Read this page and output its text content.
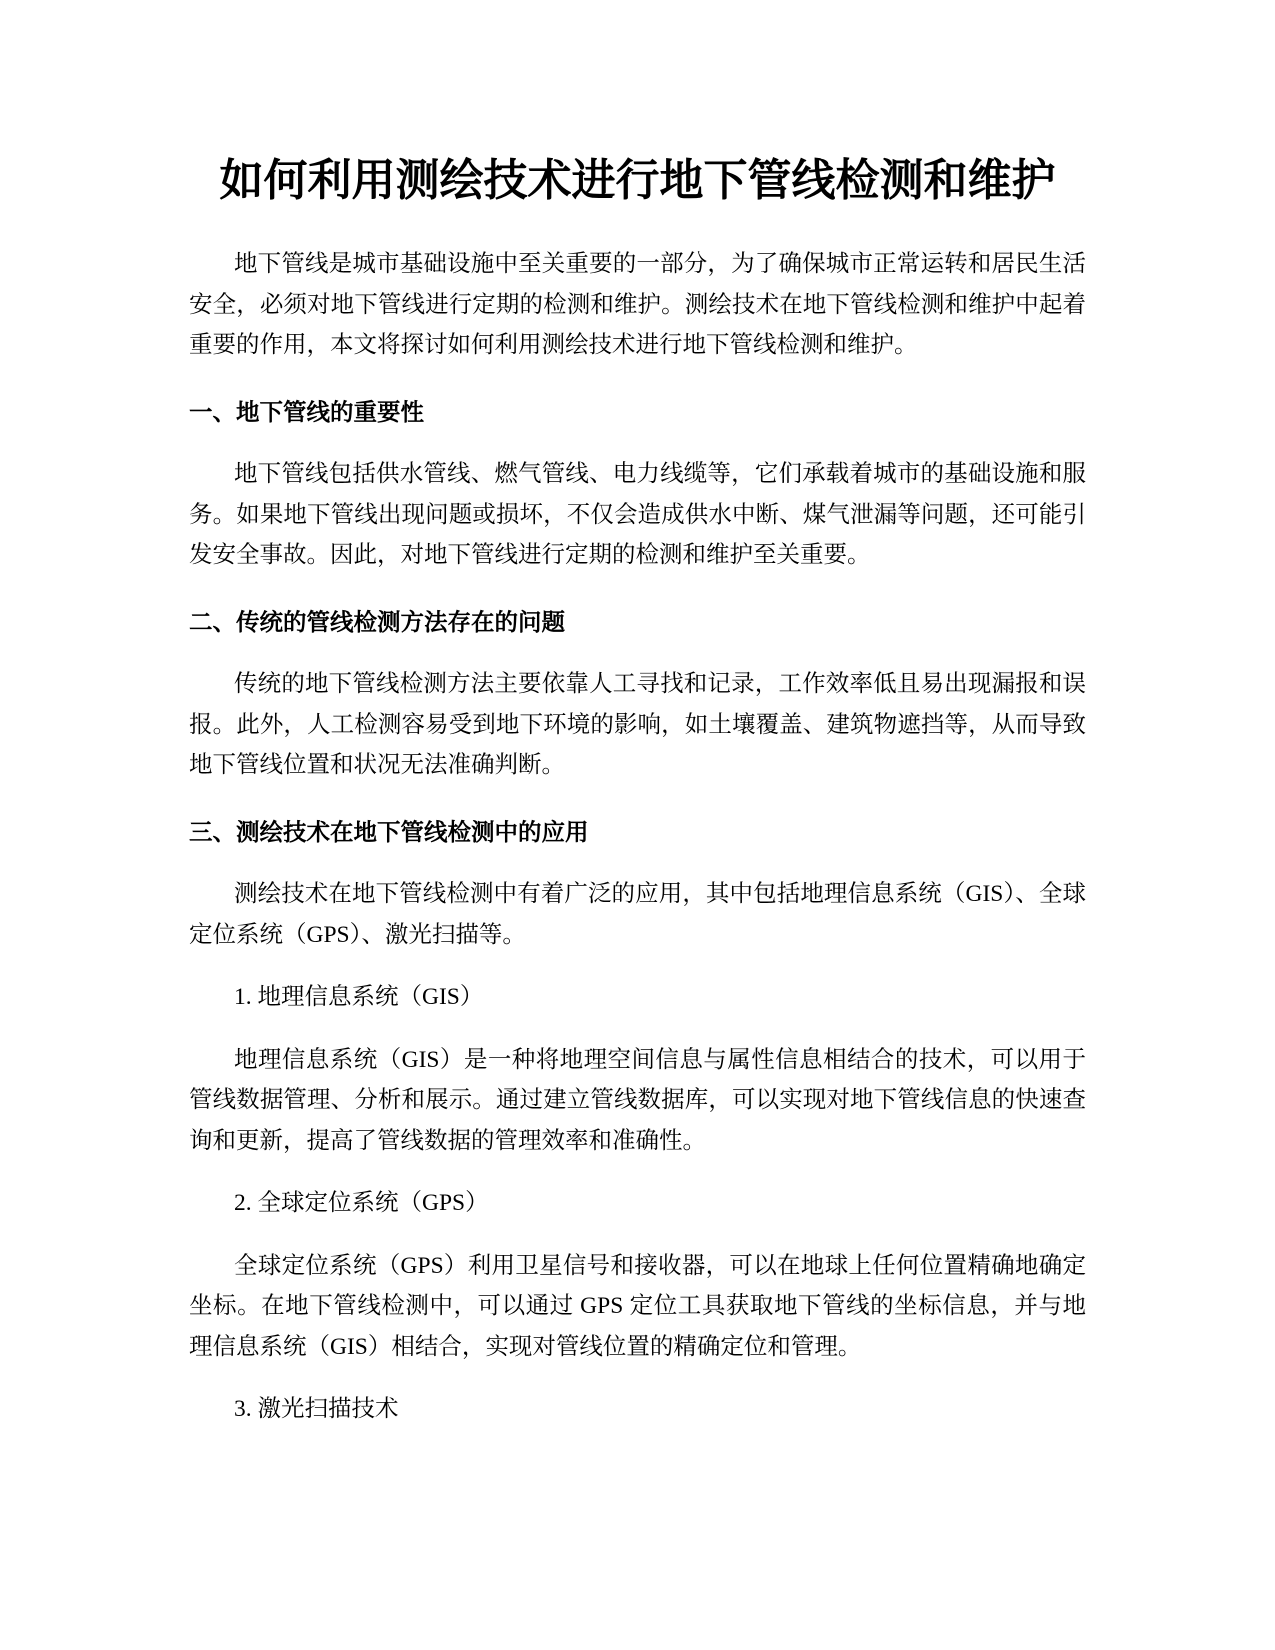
如何利用测绘技术进行地下管线检测和维护

地下管线是城市基础设施中至关重要的一部分，为了确保城市正常运转和居民生活安全，必须对地下管线进行定期的检测和维护。测绘技术在地下管线检测和维护中起着重要的作用，本文将探讨如何利用测绘技术进行地下管线检测和维护。

一、地下管线的重要性

地下管线包括供水管线、燃气管线、电力线缆等，它们承载着城市的基础设施和服务。如果地下管线出现问题或损坏，不仅会造成供水中断、煤气泄漏等问题，还可能引发安全事故。因此，对地下管线进行定期的检测和维护至关重要。

二、传统的管线检测方法存在的问题

传统的地下管线检测方法主要依靠人工寻找和记录，工作效率低且易出现漏报和误报。此外，人工检测容易受到地下环境的影响，如土壤覆盖、建筑物遮挡等，从而导致地下管线位置和状况无法准确判断。

三、测绘技术在地下管线检测中的应用

测绘技术在地下管线检测中有着广泛的应用，其中包括地理信息系统（GIS）、全球定位系统（GPS）、激光扫描等。

1. 地理信息系统（GIS）

地理信息系统（GIS）是一种将地理空间信息与属性信息相结合的技术，可以用于管线数据管理、分析和展示。通过建立管线数据库，可以实现对地下管线信息的快速查询和更新，提高了管线数据的管理效率和准确性。

2. 全球定位系统（GPS）

全球定位系统（GPS）利用卫星信号和接收器，可以在地球上任何位置精确地确定坐标。在地下管线检测中，可以通过 GPS 定位工具获取地下管线的坐标信息，并与地理信息系统（GIS）相结合，实现对管线位置的精确定位和管理。

3. 激光扫描技术
